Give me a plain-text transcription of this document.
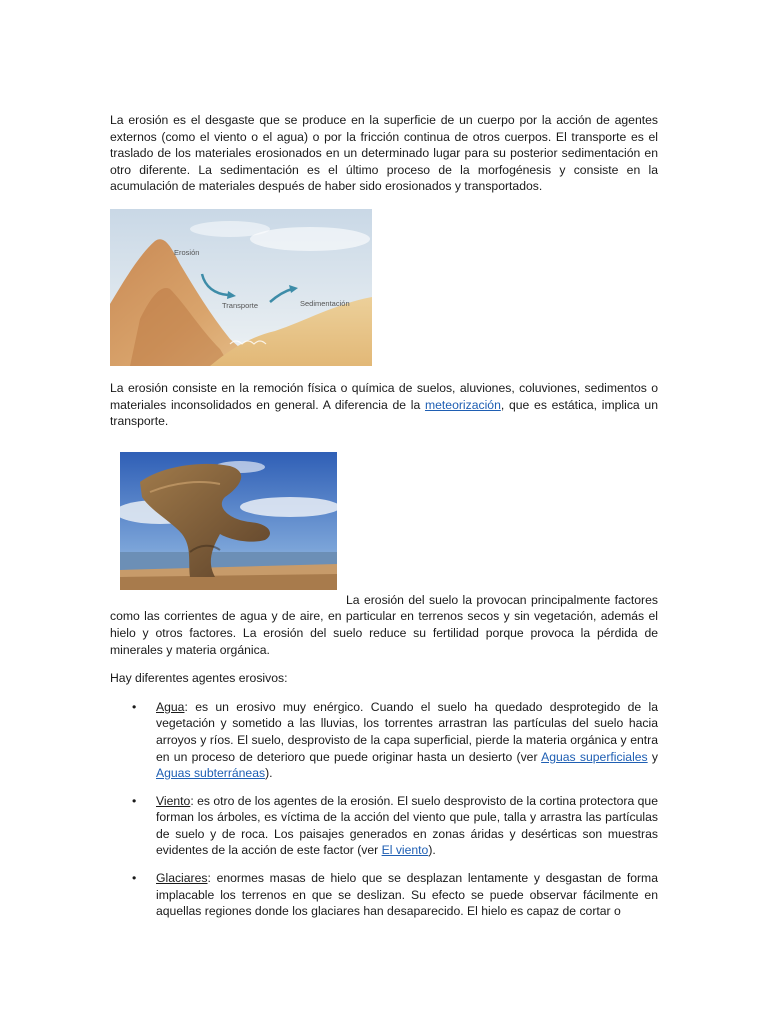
La erosión es el desgaste que se produce en la superficie de un cuerpo por la acción de agentes externos (como el viento o el agua) o por la fricción continua de otros cuerpos. El transporte es el traslado de los materiales erosionados en un determinado lugar para su posterior sedimentación en otro diferente. La sedimentación es el último proceso de la morfogénesis y consiste en la acumulación de materiales después de haber sido erosionados y transportados.

Erosión
Transporte	Sedimentación

La erosión consiste en la remoción física o química de suelos, aluviones, coluviones, sedimentos o materiales inconsolidados en general. A diferencia de la meteorización, que es estática, implica un transporte.

La erosión del suelo la provocan principalmente factores como las corrientes de agua y de aire, en particular en terrenos secos y sin vegetación, además el hielo y otros factores. La erosión del suelo reduce su fertilidad porque provoca la pérdida de minerales y materia orgánica.

Hay diferentes agentes erosivos:

• Agua: es un erosivo muy enérgico. Cuando el suelo ha quedado desprotegido de la vegetación y sometido a las lluvias, los torrentes arrastran las partículas del suelo hacia arroyos y ríos. El suelo, desprovisto de la capa superficial, pierde la materia orgánica y entra en un proceso de deterioro que puede originar hasta un desierto (ver Aguas superficiales y Aguas subterráneas).
• Viento: es otro de los agentes de la erosión. El suelo desprovisto de la cortina protectora que forman los árboles, es víctima de la acción del viento que pule, talla y arrastra las partículas de suelo y de roca. Los paisajes generados en zonas áridas y desérticas son muestras evidentes de la acción de este factor (ver El viento).
• Glaciares: enormes masas de hielo que se desplazan lentamente y desgastan de forma implacable los terrenos en que se deslizan. Su efecto se puede observar fácilmente en aquellas regiones donde los glaciares han desaparecido. El hielo es capaz de cortar o
